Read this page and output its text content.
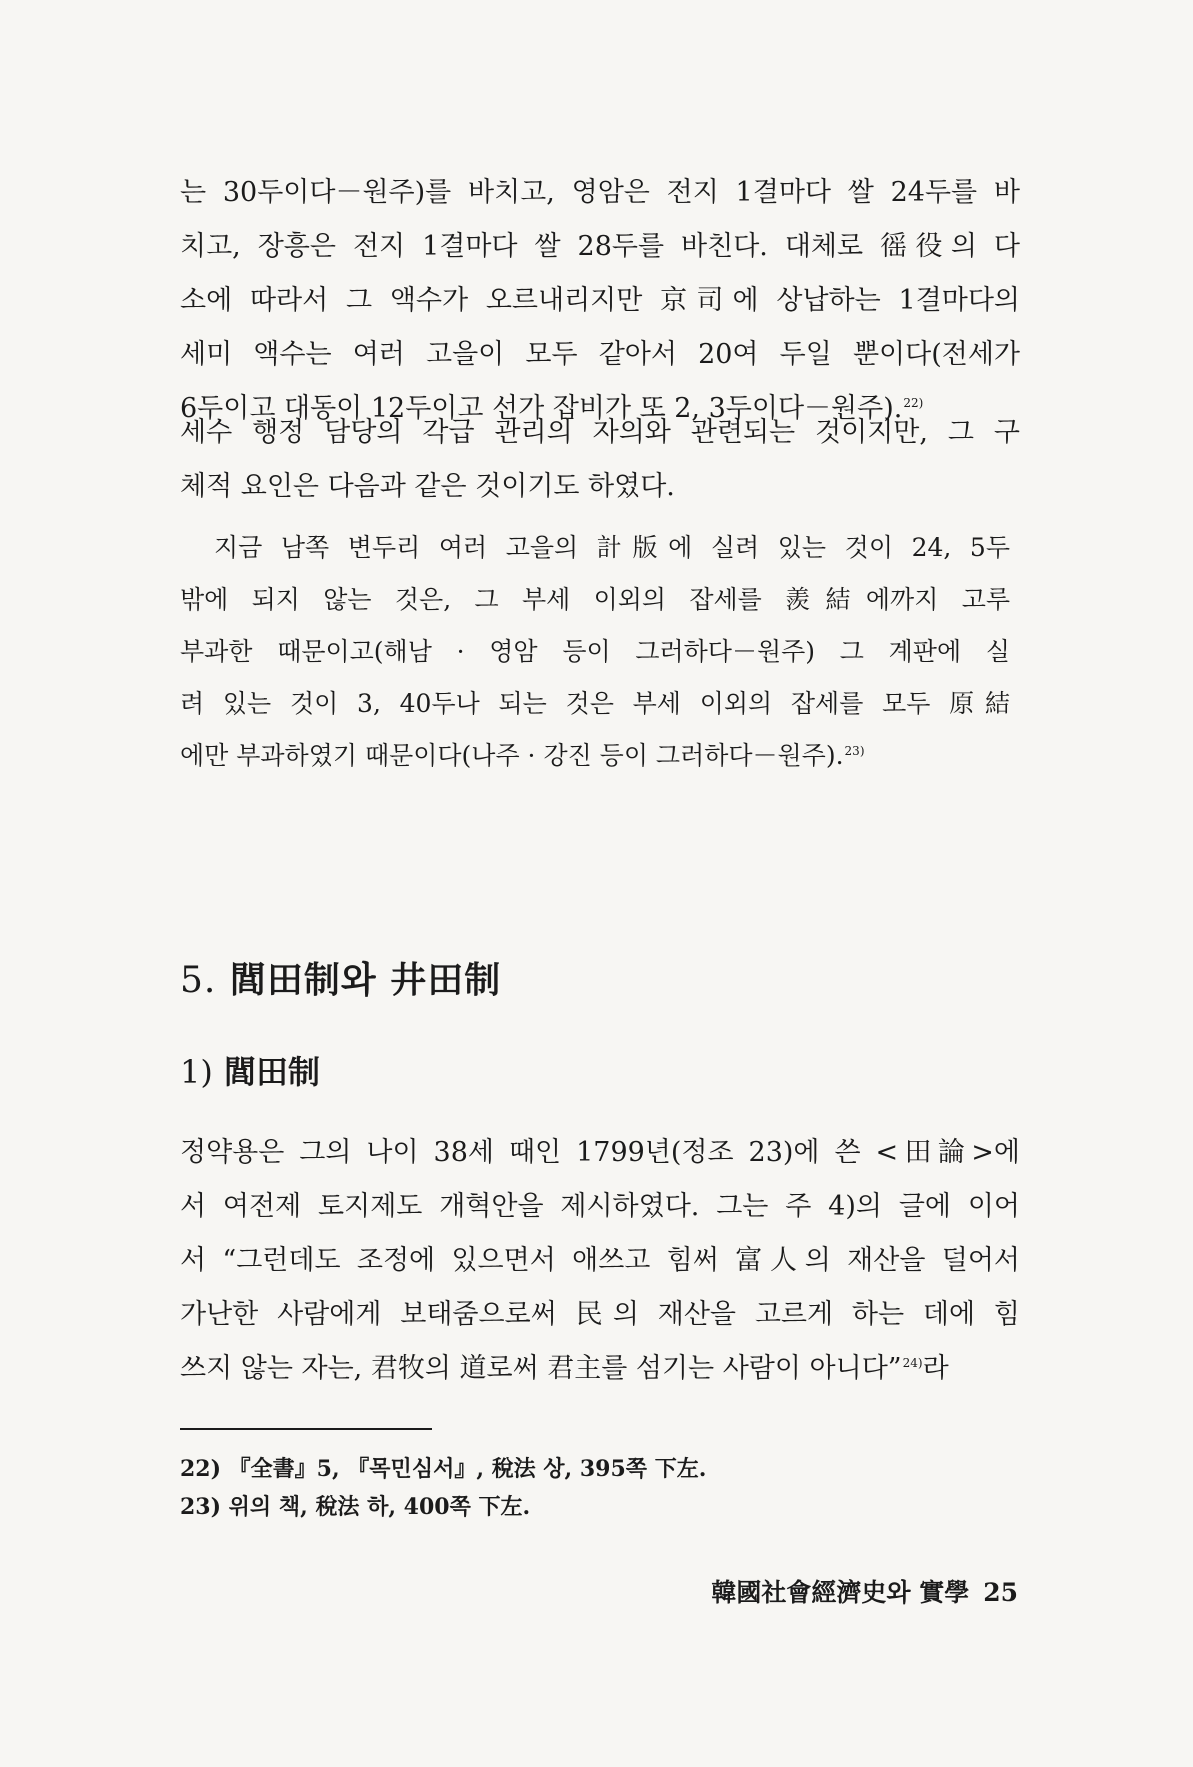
는 30두이다－원주)를 바치고, 영암은 전지 1결마다 쌀 24두를 바
치고, 장흥은 전지 1결마다 쌀 28두를 바친다. 대체로 徭役의 다
소에 따라서 그 액수가 오르내리지만 京司에 상납하는 1결마다의
세미 액수는 여러 고을이 모두 같아서 20여 두일 뿐이다(전세가
6두이고 대동이 12두이고 선가 잡비가 또 2, 3두이다－원주).$^{22)}$
세수 행정 담당의 각급 관리의 자의와 관련되는 것이지만, 그 구
체적 요인은 다음과 같은 것이기도 하였다.
지금 남쪽 변두리 여러 고을의 計版에 실려 있는 것이 24, 5두
밖에 되지 않는 것은, 그 부세 이외의 잡세를 羨結에까지 고루
부과한 때문이고(해남 · 영암 등이 그러하다－원주) 그 계판에 실
려 있는 것이 3, 40두나 되는 것은 부세 이외의 잡세를 모두 原結
에만 부과하였기 때문이다(나주 · 강진 등이 그러하다－원주).$^{23)}$
5. 閭田制와 井田制
1) 閭田制
정약용은 그의 나이 38세 때인 1799년(정조 23)에 쓴 <田論>에
서 여전제 토지제도 개혁안을 제시하였다. 그는 주 4)의 글에 이어
서 “그런데도 조정에 있으면서 애쓰고 힘써 富人의 재산을 덜어서
가난한 사람에게 보태줌으로써 民의 재산을 고르게 하는 데에 힘
쓰지 않는 자는, 君牧의 道로써 君主를 섬기는 사람이 아니다”$^{24)}$라
22) 『全書』5, 『목민심서』, 稅法 상, 395쪽 下左.
23) 위의 책, 稅法 하, 400쪽 下左.
韓國社會經濟史와 實學 25
